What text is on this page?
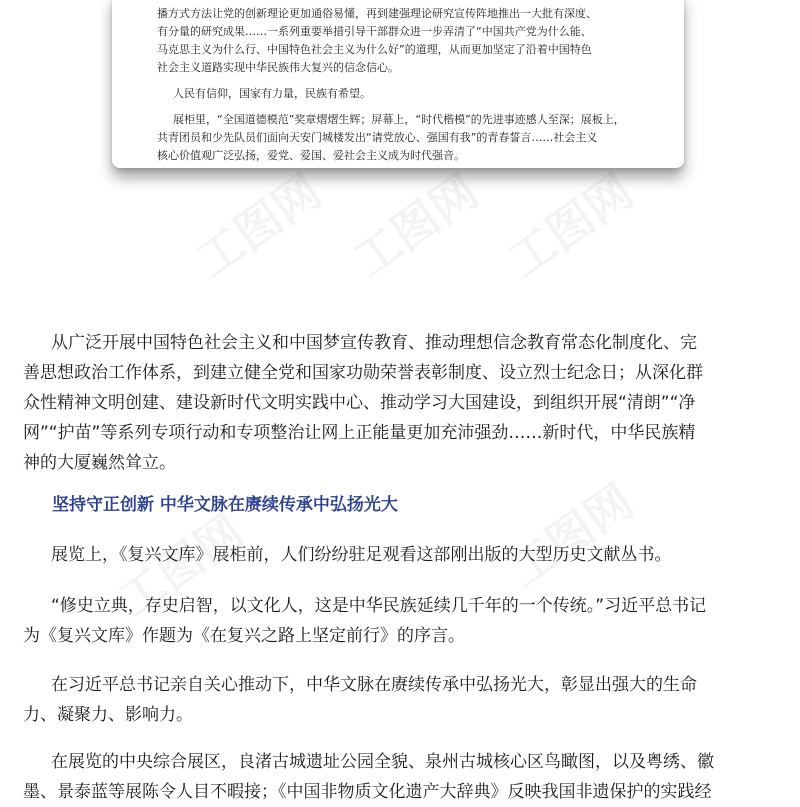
工图网 工图网 工图网
工图网	工图网
播方式方法让党的创新理论更加通俗易懂，再到建强理论研究宣传阵地推出一大批有深度、
有分量的研究成果……一系列重要举措引导干部群众进一步弄清了“中国共产党为什么能、
马克思主义为什么行、中国特色社会主义为什么好”的道理，从而更加坚定了沿着中国特色
社会主义道路实现中华民族伟大复兴的信念信心。
人民有信仰，国家有力量，民族有希望。
展柜里，“全国道德模范”奖章熠熠生辉；屏幕上，“时代楷模”的先进事迹感人至深；展板上，
共青团员和少先队员们面向天安门城楼发出“请党放心、强国有我”的青春誓言……社会主义
核心价值观广泛弘扬，爱党、爱国、爱社会主义成为时代强音。
从广泛开展中国特色社会主义和中国梦宣传教育、推动理想信念教育常态化制度化、完
善思想政治工作体系，到建立健全党和国家功勋荣誉表彰制度、设立烈士纪念日；从深化群
众性精神文明创建、建设新时代文明实践中心、推动学习大国建设，到组织开展“清朗”“净
网”“护苗”等系列专项行动和专项整治让网上正能量更加充沛强劲……新时代，中华民族精
神的大厦巍然耸立。
坚持守正创新 中华文脉在赓续传承中弘扬光大
展览上，《复兴文库》展柜前，人们纷纷驻足观看这部刚出版的大型历史文献丛书。
“修史立典，存史启智，以文化人，这是中华民族延续几千年的一个传统。”习近平总书记
为《复兴文库》作题为《在复兴之路上坚定前行》的序言。
在习近平总书记亲自关心推动下，中华文脉在赓续传承中弘扬光大，彰显出强大的生命
力、凝聚力、影响力。
在展览的中央综合展区，良渚古城遗址公园全貌、泉州古城核心区鸟瞰图，以及粤绣、徽
墨、景泰蓝等展陈令人目不暇接；《中国非物质文化遗产大辞典》反映我国非遗保护的实践经
